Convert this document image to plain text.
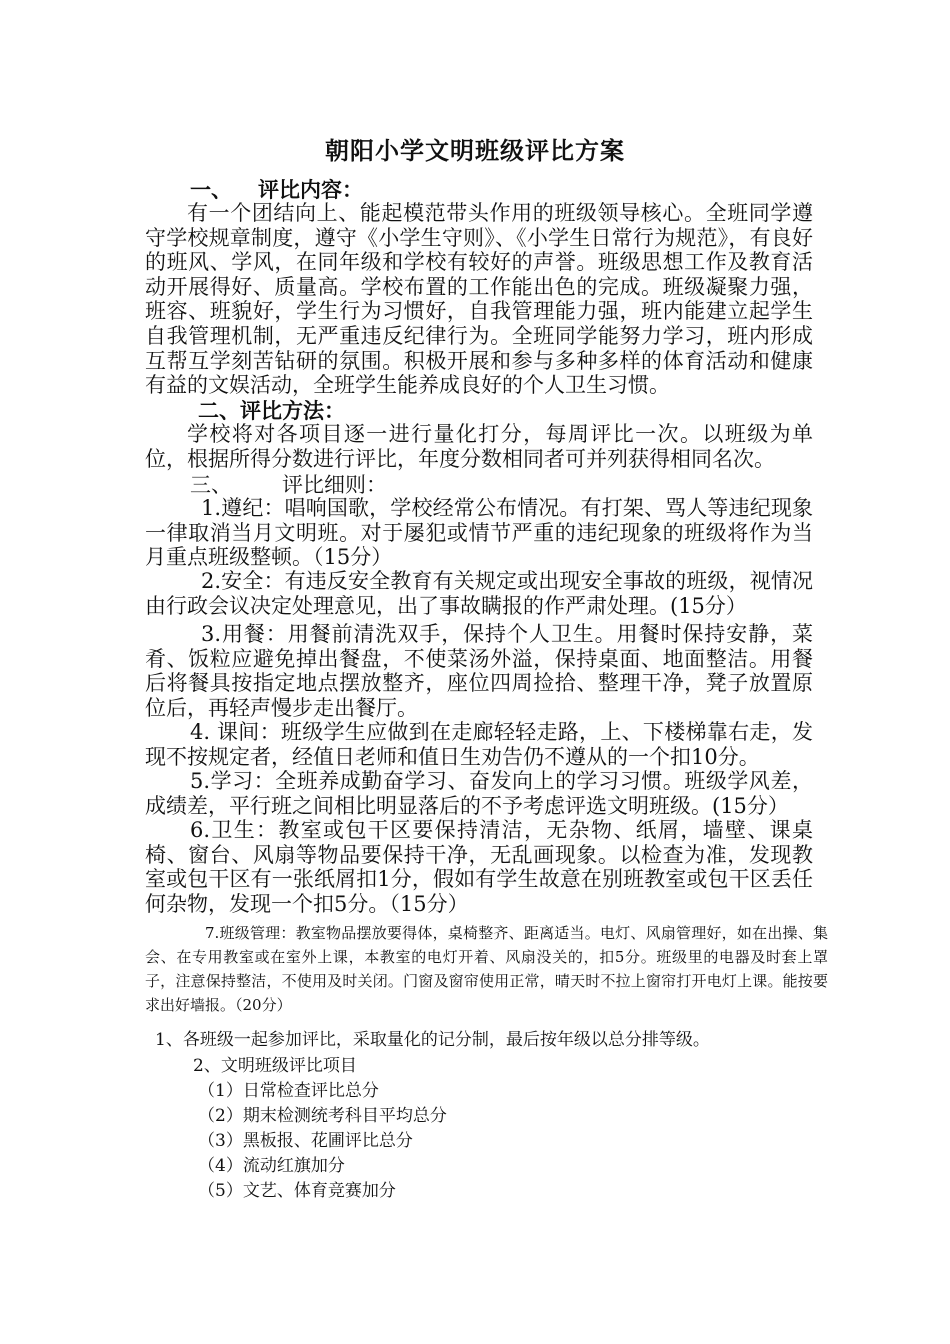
朝阳小学文明班级评比方案
一、 评比内容：

有一个团结向上、能起模范带头作用的班级领导核心。全班同学遵守学校规章制度，遵守《小学生守则》、《小学生日常行为规范》，有良好的班风、学风，在同年级和学校有较好的声誉。班级思想工作及教育活动开展得好、质量高。学校布置的工作能出色的完成。班级凝聚力强，班容、班貌好，学生行为习惯好，自我管理能力强，班内能建立起学生自我管理机制，无严重违反纪律行为。全班同学能努力学习，班内形成互帮互学刻苦钻研的氛围。积极开展和参与多种多样的体育活动和健康有益的文娱活动，全班学生能养成良好的个人卫生习惯。

二、评比方法：

学校将对各项目逐一进行量化打分，每周评比一次。以班级为单位，根据所得分数进行评比，年度分数相同者可并列获得相同名次。

三、 评比细则：

1.遵纪：唱响国歌，学校经常公布情况。有打架、骂人等违纪现象一律取消当月文明班。对于屡犯或情节严重的违纪现象的班级将作为当月重点班级整顿。（15分）

2.安全：有违反安全教育有关规定或出现安全事故的班级，视情况由行政会议决定处理意见，出了事故瞒报的作严肃处理。(15分）

3.用餐：用餐前清洗双手，保持个人卫生。用餐时保持安静，菜肴、饭粒应避免掉出餐盘，不使菜汤外溢，保持桌面、地面整洁。用餐后将餐具按指定地点摆放整齐，座位四周捡拾、整理干净，凳子放置原位后，再轻声慢步走出餐厅。

4. 课间：班级学生应做到在走廊轻轻走路，上、下楼梯靠右走，发现不按规定者，经值日老师和值日生劝告仍不遵从的一个扣10分。

5.学习：全班养成勤奋学习、奋发向上的学习习惯。班级学风差，成绩差，平行班之间相比明显落后的不予考虑评选文明班级。(15分）

6.卫生：教室或包干区要保持清洁，无杂物、纸屑，墙壁、课桌椅、窗台、风扇等物品要保持干净，无乱画现象。以检查为准，发现教室或包干区有一张纸屑扣1分，假如有学生故意在别班教室或包干区丢任何杂物，发现一个扣5分。（15分）

7.班级管理：教室物品摆放要得体，桌椅整齐、距离适当。电灯、风扇管理好，如在出操、集会、在专用教室或在室外上课，本教室的电灯开着、风扇没关的，扣5分。班级里的电器及时套上罩子，注意保持整洁，不使用及时关闭。门窗及窗帘使用正常，晴天时不拉上窗帘打开电灯上课。能按要求出好墙报。（20分）

1、各班级一起参加评比，采取量化的记分制，最后按年级以总分排等级。
2、文明班级评比项目
（1）日常检查评比总分
（2）期末检测统考科目平均总分
（3）黑板报、花圃评比总分
（4）流动红旗加分
（5）文艺、体育竞赛加分
